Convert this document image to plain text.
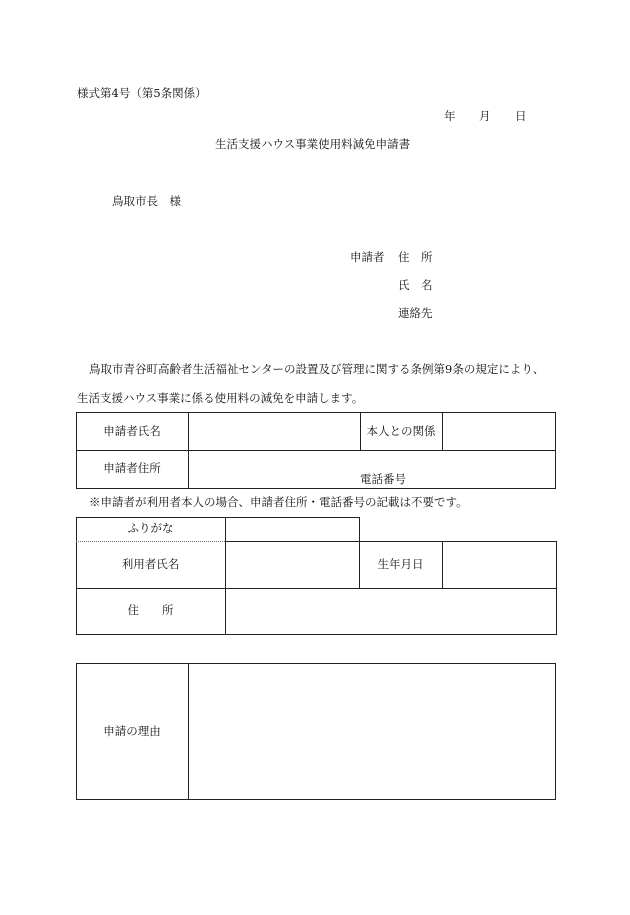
様式第4号（第5条関係）
年 月 日
生活支援ハウス事業使用料減免申請書
鳥取市長　様
申請者 住　所
氏　名
連絡先
鳥取市青谷町高齢者生活福祉センターの設置及び管理に関する条例第9条の規定により、
生活支援ハウス事業に係る使用料の減免を申請します。
申請者氏名	本人との関係
申請者住所
電話番号
※申請者が利用者本人の場合、申請者住所・電話番号の記載は不要です。
ふりがな
利用者氏名	生年月日
住　　所
申請の理由
